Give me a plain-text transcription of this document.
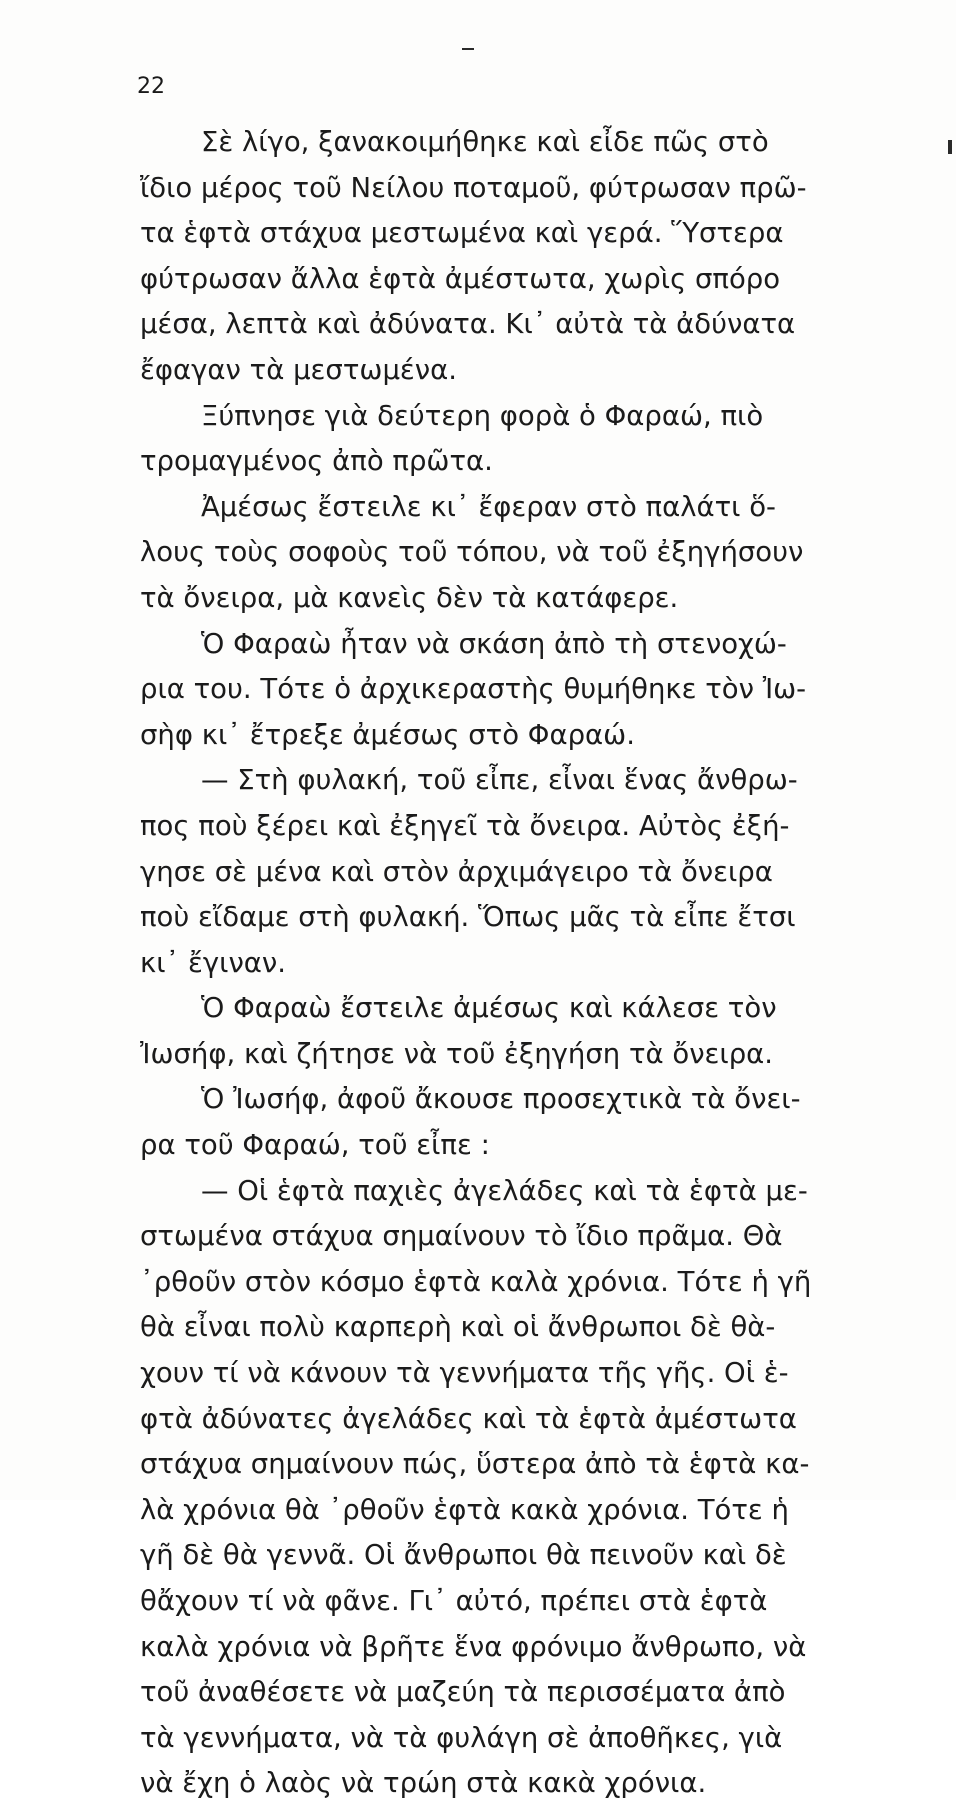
22
Σὲ λίγο, ξανακοιμήθηκε καὶ εἶδε πῶς στὸ
ἴδιο μέρος τοῦ Νείλου ποταμοῦ, φύτρωσαν πρῶ-
τα ἑφτὰ στάχυα μεστωμένα καὶ γερά. Ὕστερα
φύτρωσαν ἄλλα ἑφτὰ ἀμέστωτα, χωρὶς σπόρο
μέσα, λεπτὰ καὶ ἀδύνατα. Κι᾽ αὐτὰ τὰ ἀδύνατα
ἔφαγαν τὰ μεστωμένα.
Ξύπνησε γιὰ δεύτερη φορὰ ὁ Φαραώ, πιὸ
τρομαγμένος ἀπὸ πρῶτα.
Ἀμέσως ἔστειλε κι᾽ ἔφεραν στὸ παλάτι ὅ-
λους τοὺς σοφοὺς τοῦ τόπου, νὰ τοῦ ἐξηγήσουν
τὰ ὄνειρα, μὰ κανεὶς δὲν τὰ κατάφερε.
Ὁ Φαραὼ ἦταν νὰ σκάση ἀπὸ τὴ στενοχώ-
ρια του. Τότε ὁ ἀρχικεραστὴς θυμήθηκε τὸν Ἰω-
σὴφ κι᾽ ἔτρεξε ἀμέσως στὸ Φαραώ.
— Στὴ φυλακή, τοῦ εἶπε, εἶναι ἕνας ἄνθρω-
πος ποὺ ξέρει καὶ ἐξηγεῖ τὰ ὄνειρα. Αὐτὸς ἐξή-
γησε σὲ μένα καὶ στὸν ἀρχιμάγειρο τὰ ὄνειρα
ποὺ εἴδαμε στὴ φυλακή. Ὅπως μᾶς τὰ εἶπε ἔτσι
κι᾽ ἔγιναν.
Ὁ Φαραὼ ἔστειλε ἀμέσως καὶ κάλεσε τὸν
Ἰωσήφ, καὶ ζήτησε νὰ τοῦ ἐξηγήση τὰ ὄνειρα.
Ὁ Ἰωσήφ, ἀφοῦ ἄκουσε προσεχτικὰ τὰ ὄνει-
ρα τοῦ Φαραώ, τοῦ εἶπε :
— Οἱ ἑφτὰ παχιὲς ἀγελάδες καὶ τὰ ἑφτὰ με-
στωμένα στάχυα σημαίνουν τὸ ἴδιο πρᾶμα. Θὰ
᾽ρθοῦν στὸν κόσμο ἑφτὰ καλὰ χρόνια. Τότε ἡ γῆ
θὰ εἶναι πολὺ καρπερὴ καὶ οἱ ἄνθρωποι δὲ θὰ-
χουν τί νὰ κάνουν τὰ γεννήματα τῆς γῆς. Οἱ ἑ-
φτὰ ἀδύνατες ἀγελάδες καὶ τὰ ἑφτὰ ἀμέστωτα
στάχυα σημαίνουν πώς, ὕστερα ἀπὸ τὰ ἑφτὰ κα-
λὰ χρόνια θὰ ᾽ρθοῦν ἑφτὰ κακὰ χρόνια. Τότε ἡ
γῆ δὲ θὰ γεννᾶ. Οἱ ἄνθρωποι θὰ πεινοῦν καὶ δὲ
θἄχουν τί νὰ φᾶνε. Γι᾽ αὐτό, πρέπει στὰ ἑφτὰ
καλὰ χρόνια νὰ βρῆτε ἕνα φρόνιμο ἄνθρωπο, νὰ
τοῦ ἀναθέσετε νὰ μαζεύη τὰ περισσέματα ἀπὸ
τὰ γεννήματα, νὰ τὰ φυλάγη σὲ ἀποθῆκες, γιὰ
νὰ ἔχη ὁ λαὸς νὰ τρώη στὰ κακὰ χρόνια.
